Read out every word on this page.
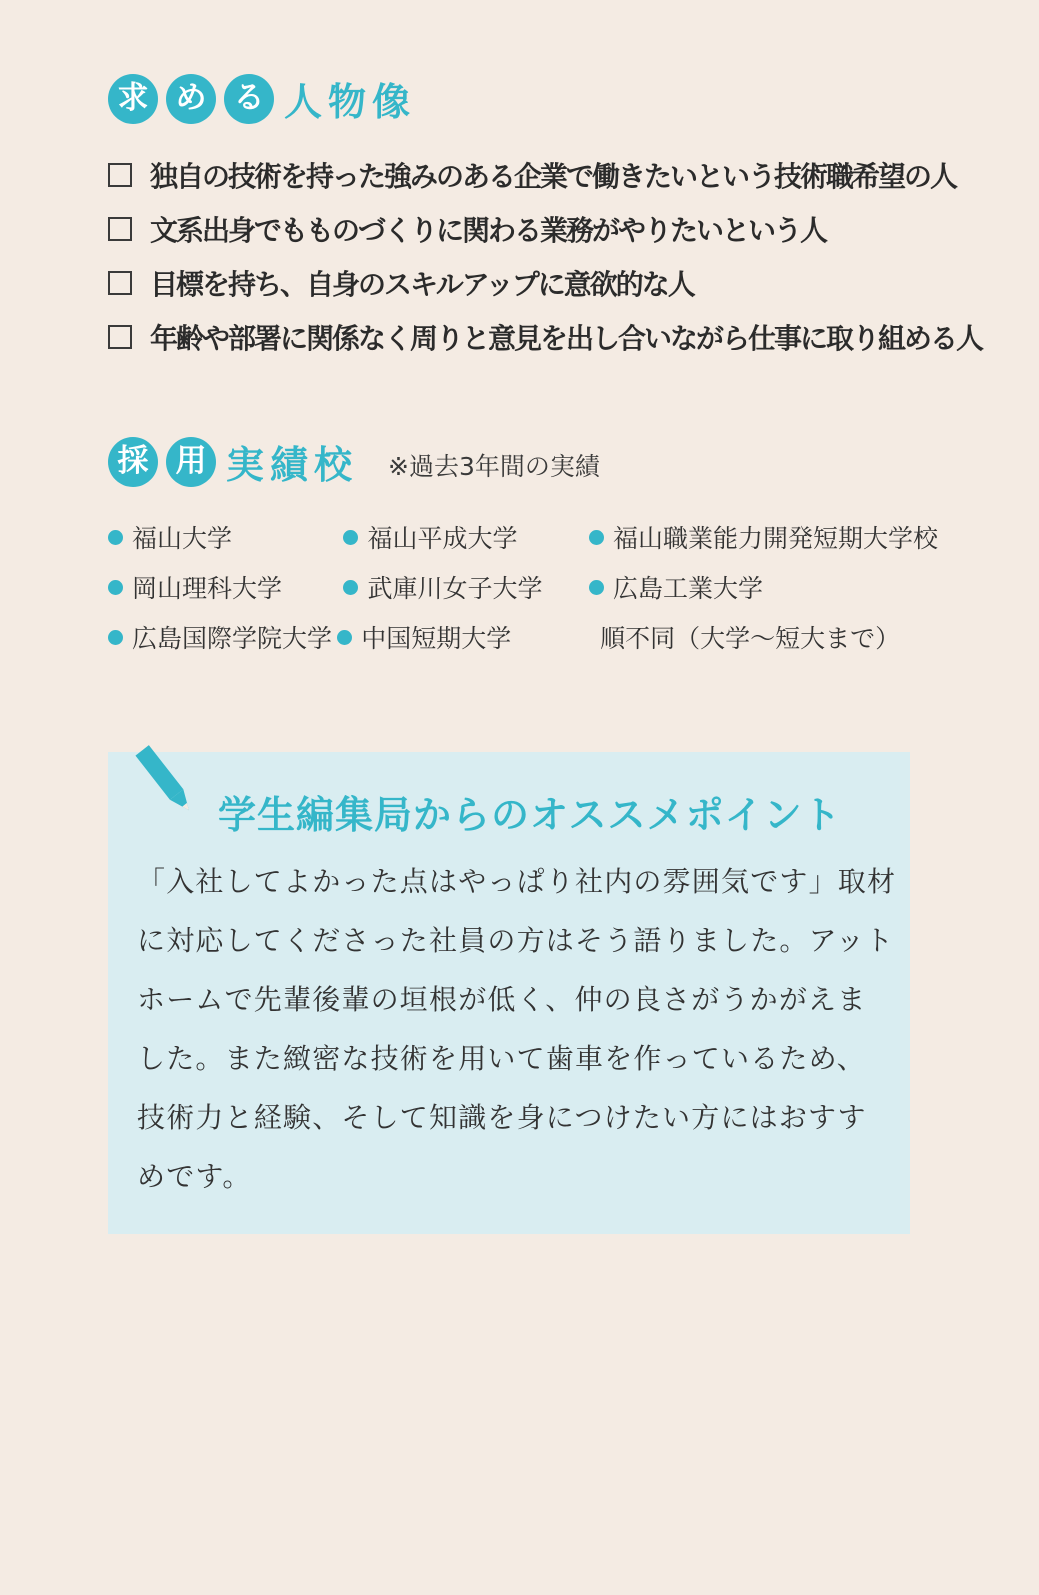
求 め る 人物像
独自の技術を持った強みのある企業で働きたいという技術職希望の人
文系出身でもものづくりに関わる業務がやりたいという人
目標を持ち、自身のスキルアップに意欲的な人
年齢や部署に関係なく周りと意見を出し合いながら仕事に取り組める人
採 用 実績校 ※過去3年間の実績
福山大学	福山平成大学	福山職業能力開発短期大学校
岡山理科大学	武庫川女子大学	広島工業大学
広島国際学院大学 中国短期大学	順不同（大学〜短大まで）
学生編集局からのオススメポイント

「入社してよかった点はやっぱり社内の雰囲気です」取材
に対応してくださった社員の方はそう語りました。アット
ホームで先輩後輩の垣根が低く、仲の良さがうかがえま
した。また緻密な技術を用いて歯車を作っているため、
技術力と経験、そして知識を身につけたい方にはおすす
めです。
